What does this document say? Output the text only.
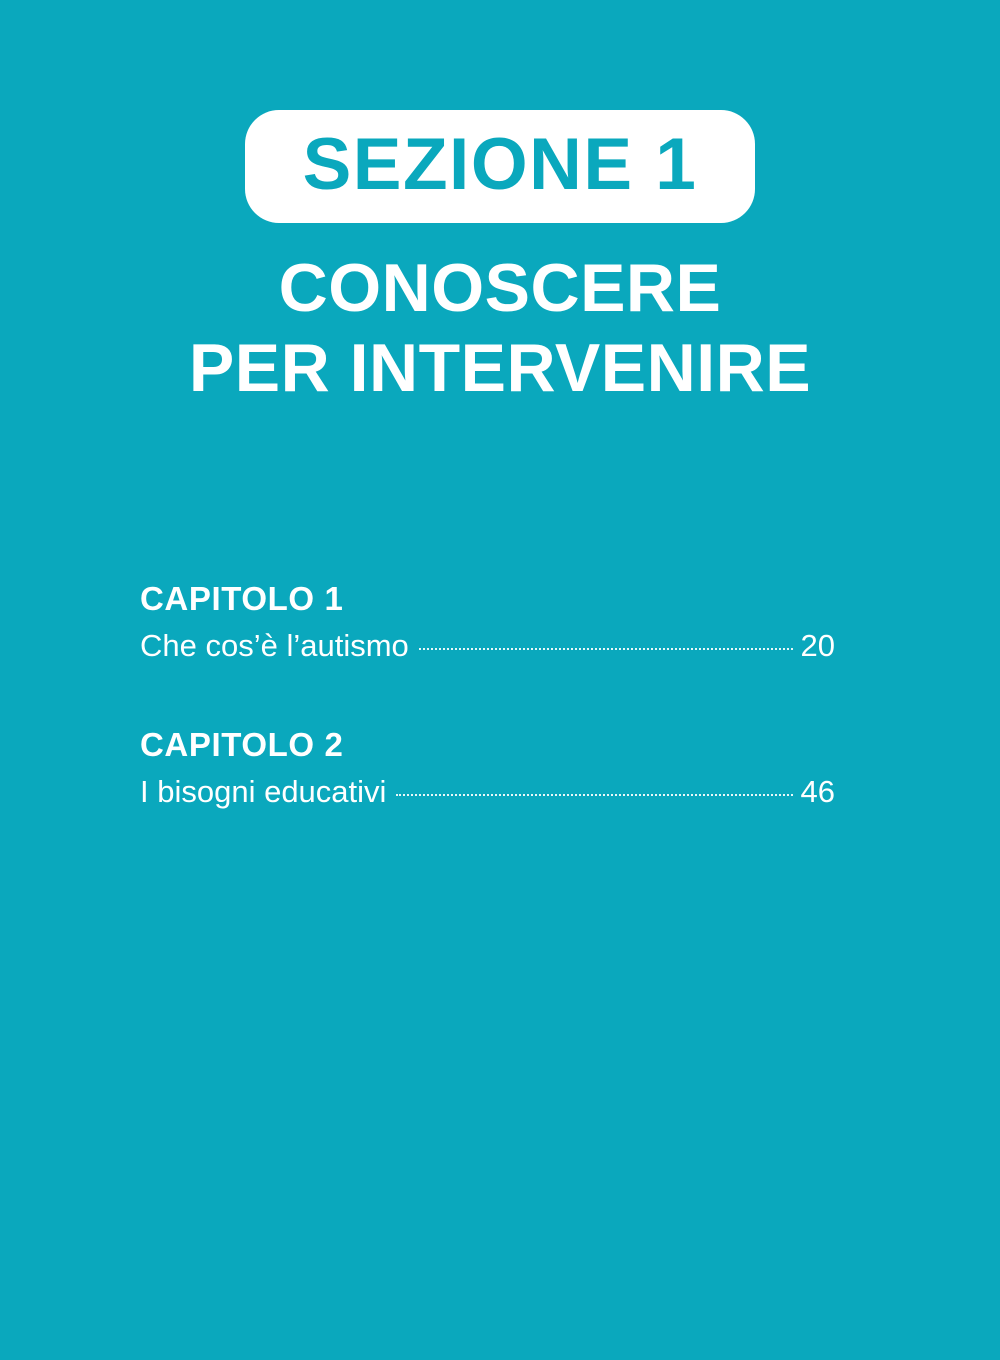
SEZIONE 1
CONOSCERE
PER INTERVENIRE
CAPITOLO 1
Che cos’è l’autismo	20
CAPITOLO 2
I bisogni educativi	46
